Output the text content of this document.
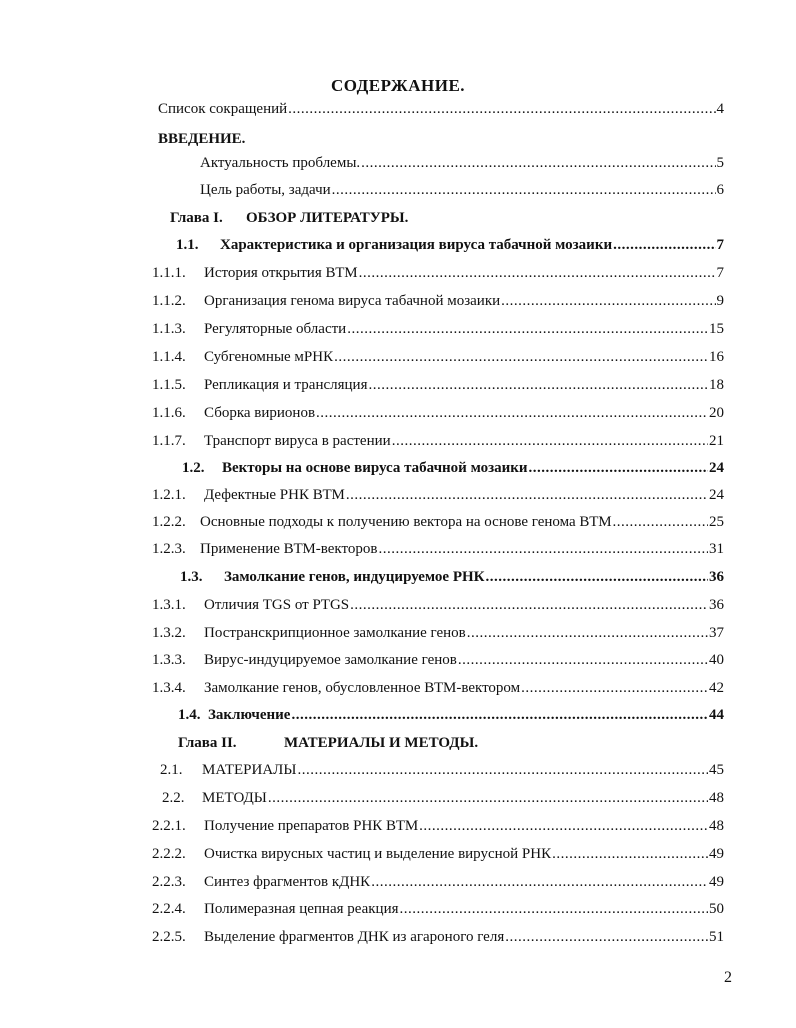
СОДЕРЖАНИЕ.
Список сокращений .....	4
ВВЕДЕНИЕ.
Актуальность проблемы. .....	5
Цель работы, задачи .....	6
Глава I. ОБЗОР ЛИТЕРАТУРЫ.
1.1.	Характеристика и организация вируса табачной мозаики .....	7
1.1.1.	История открытия ВТМ .....	7
1.1.2.	Организация генома вируса табачной мозаики .....	9
1.1.3.	Регуляторные области .....	15
1.1.4.	Субгеномные мРНК .....	16
1.1.5.	Репликация и трансляция .....	18
1.1.6.	Сборка вирионов .....	20
1.1.7.	Транспорт вируса в растении .....	21
1.2.	Векторы на основе вируса табачной мозаики .....	24
1.2.1.	Дефектные РНК ВТМ .....	24
1.2.2. Основные подходы к получению вектора на основе генома ВТМ .....	25
1.2.3. Применение ВТМ-векторов .....	31
1.3.	Замолкание генов, индуцируемое РНК .....	36
1.3.1.	Отличия TGS от PTGS .....	36
1.3.2.	Пострaнскрипционное замолкание генов .....	37
1.3.3.	Вирус-индуцируемое замолкание генов .....	40
1.3.4.	Замолкание генов, обусловленное ВТМ-вектором .....	42
1.4. Заключение .....	44
Глава II.	МАТЕРИАЛЫ И МЕТОДЫ.
2.1.	МАТЕРИАЛЫ .....	45
2.2.	МЕТОДЫ .....	48
2.2.1.	Получение препаратов РНК ВТМ .....	48
2.2.2.	Очистка вирусных частиц и выделение вирусной РНК .....	49
2.2.3.	Синтез фрагментов кДНК .....	49
2.2.4.	Полимеразная цепная реакция .....	50
2.2.5.	Выделение фрагментов ДНК из агароного геля .....	51
2
